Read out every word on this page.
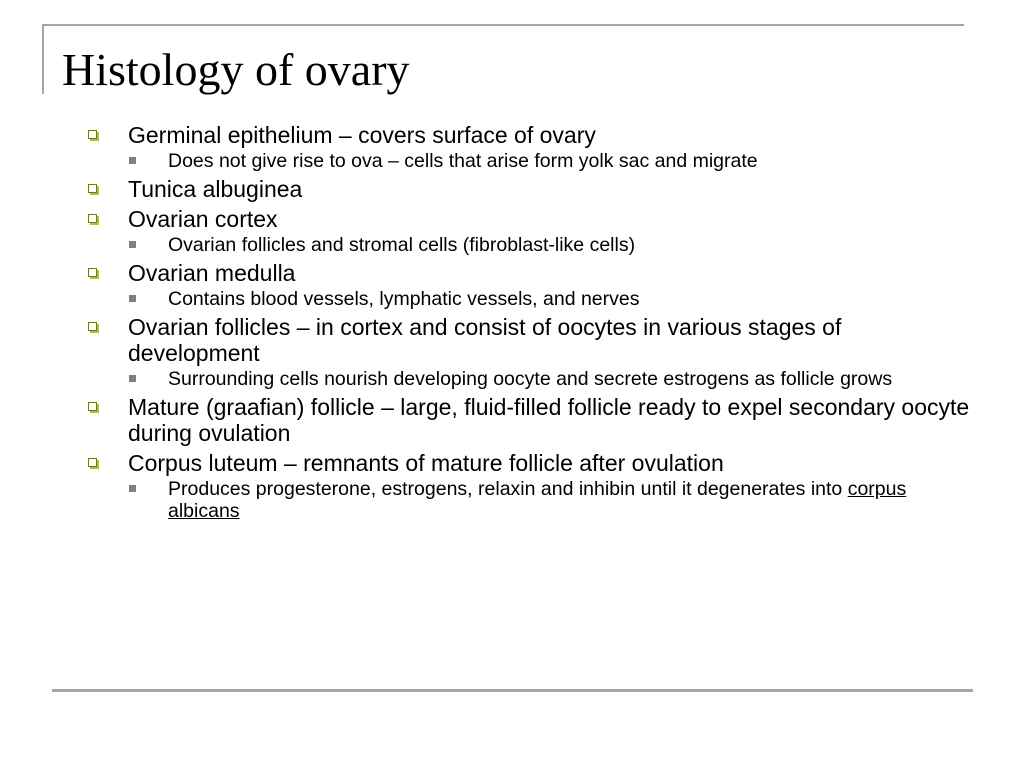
Histology of ovary
Germinal epithelium – covers surface of ovary
Does not give rise to ova – cells that arise form yolk sac and migrate
Tunica albuginea
Ovarian cortex
Ovarian follicles and stromal cells (fibroblast-like cells)
Ovarian medulla
Contains blood vessels, lymphatic vessels, and nerves
Ovarian follicles – in cortex and consist of oocytes in various stages of development
Surrounding cells nourish developing oocyte and secrete estrogens as follicle grows
Mature (graafian) follicle – large, fluid-filled follicle ready to expel secondary oocyte during ovulation
Corpus luteum – remnants of mature follicle after ovulation
Produces progesterone, estrogens, relaxin and inhibin until it degenerates into corpus albicans
